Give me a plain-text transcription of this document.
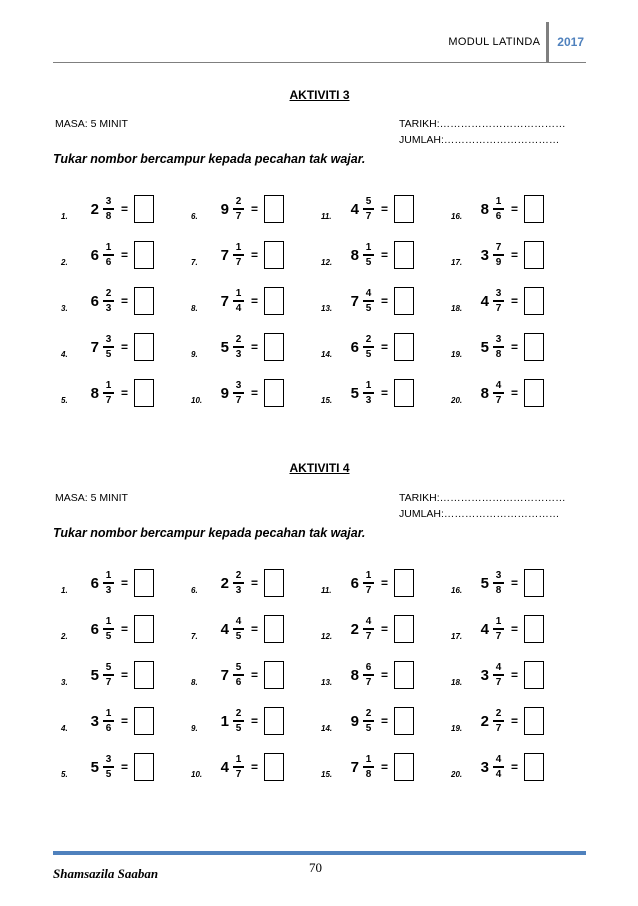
MODUL LATINDA 2017
AKTIVITI 3
MASA: 5 MINIT	TARIKH:………………………………
JUMLAH:……………………………
Tukar nombor bercampur kepada pecahan tak wajar.
1.	$2 \frac{3}{8}$ =	6.	$9 \frac{2}{7}$ =	11.	$4 \frac{5}{7}$ =	16.	$8 \frac{1}{6}$ =
2.	$6 \frac{1}{6}$ =	7.	$7 \frac{1}{7}$ =	12.	$8 \frac{1}{5}$ =	17.	$3 \frac{7}{9}$ =
3.	$6 \frac{2}{3}$ =	8.	$7 \frac{1}{4}$ =	13.	$7 \frac{4}{5}$ =	18.	$4 \frac{3}{7}$ =
4.	$7 \frac{3}{5}$ =	9.	$5 \frac{2}{3}$ =	14.	$6 \frac{2}{5}$ =	19.	$5 \frac{3}{8}$ =
5.	$8 \frac{1}{7}$ =	10.	$9 \frac{3}{7}$ =	15.	$5 \frac{1}{3}$ =	20.	$8 \frac{4}{7}$ =
AKTIVITI 4
MASA: 5 MINIT	TARIKH:………………………………
JUMLAH:……………………………
Tukar nombor bercampur kepada pecahan tak wajar.
1.	$6 \frac{1}{3}$ =	6.	$2 \frac{2}{3}$ =	11.	$6 \frac{1}{7}$ =	16.	$5 \frac{3}{8}$ =
2.	$6 \frac{1}{5}$ =	7.	$4 \frac{4}{5}$ =	12.	$2 \frac{4}{7}$ =	17.	$4 \frac{1}{7}$ =
3.	$5 \frac{5}{7}$ =	8.	$7 \frac{5}{6}$ =	13.	$8 \frac{6}{7}$ =	18.	$3 \frac{4}{7}$ =
4.	$3 \frac{1}{6}$ =	9.	$1 \frac{2}{5}$ =	14.	$9 \frac{2}{5}$ =	19.	$2 \frac{2}{7}$ =
5.	$5 \frac{3}{5}$ =	10.	$4 \frac{1}{7}$ =	15.	$7 \frac{1}{8}$ =	20.	$3 \frac{4}{4}$ =
Shamsazila Saaban	70
